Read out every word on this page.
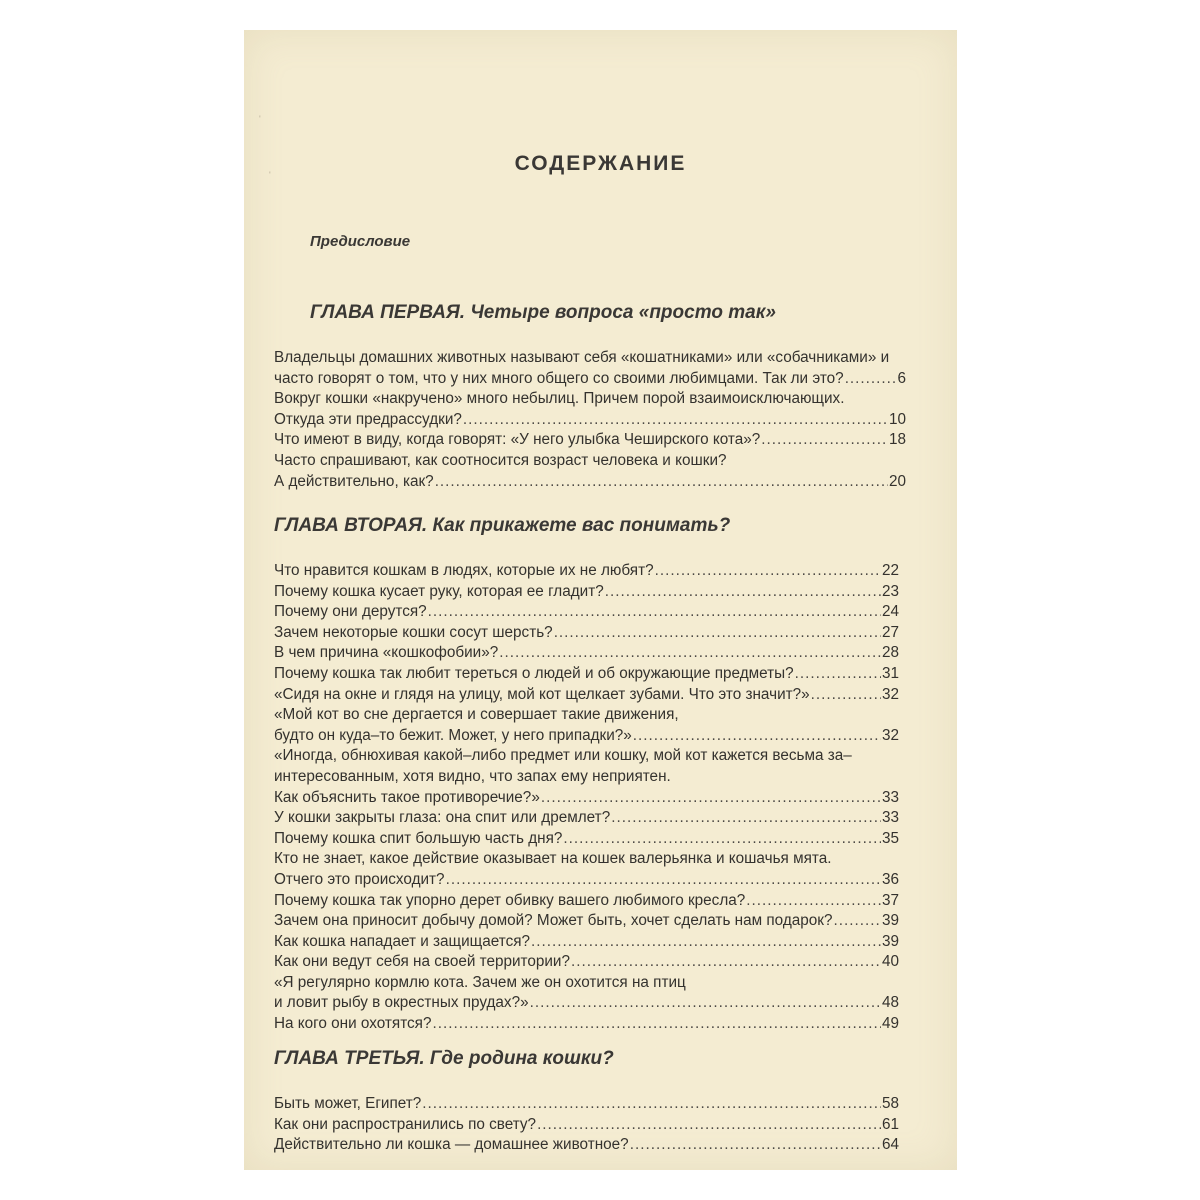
'
'	СОДЕРЖАНИЕ
Предисловие
ГЛАВА ПЕРВАЯ. Четыре вопроса «просто так»
Владельцы домашних животных называют себя «кошатниками» или «собачниками» и
часто говорят о том, что у них много общего со своими любимцами. Так ли это? .....	6
Вокруг кошки «накручено» много небылиц. Причем порой взаимоисключающих.
Откуда эти предрассудки? .....	10
Что имеют в виду, когда говорят: «У него улыбка Чеширского кота»? .....	18
Часто спрашивают, как соотносится возраст человека и кошки?
А действительно, как? .....	20
ГЛАВА ВТОРАЯ. Как прикажете вас понимать?
Что нравится кошкам в людях, которые их не любят? .....	22
Почему кошка кусает руку, которая ее гладит? .....	23
Почему они дерутся? .....	24
Зачем некоторые кошки сосут шерсть? .....	27
В чем причина «кошкофобии»? .....	28
Почему кошка так любит тереться о людей и об окружающие предметы? .....	31
«Сидя на окне и глядя на улицу, мой кот щелкает зубами. Что это значит?» .....	32
«Мой кот во сне дергается и совершает такие движения,
будто он куда–то бежит. Может, у него припадки?» .....	32
«Иногда, обнюхивая какой–либо предмет или кошку, мой кот кажется весьма за–
интересованным, хотя видно, что запах ему неприятен.
Как объяснить такое противоречие?» .....	33
У кошки закрыты глаза: она спит или дремлет? .....	33
Почему кошка спит большую часть дня? .....	35
Кто не знает, какое действие оказывает на кошек валерьянка и кошачья мята.
Отчего это происходит? .....	36
Почему кошка так упорно дерет обивку вашего любимого кресла? .....	37
Зачем она приносит добычу домой? Может быть, хочет сделать нам подарок? .....	39
Как кошка нападает и защищается? .....	39
Как они ведут себя на своей территории? .....	40
«Я регулярно кормлю кота. Зачем же он охотится на птиц
и ловит рыбу в окрестных прудах?» .....	48
На кого они охотятся? .....	49
ГЛАВА ТРЕТЬЯ. Где родина кошки?
Быть может, Египет? .....	58
Как они распространились по свету? .....	61
Действительно ли кошка — домашнее животное? .....	64
